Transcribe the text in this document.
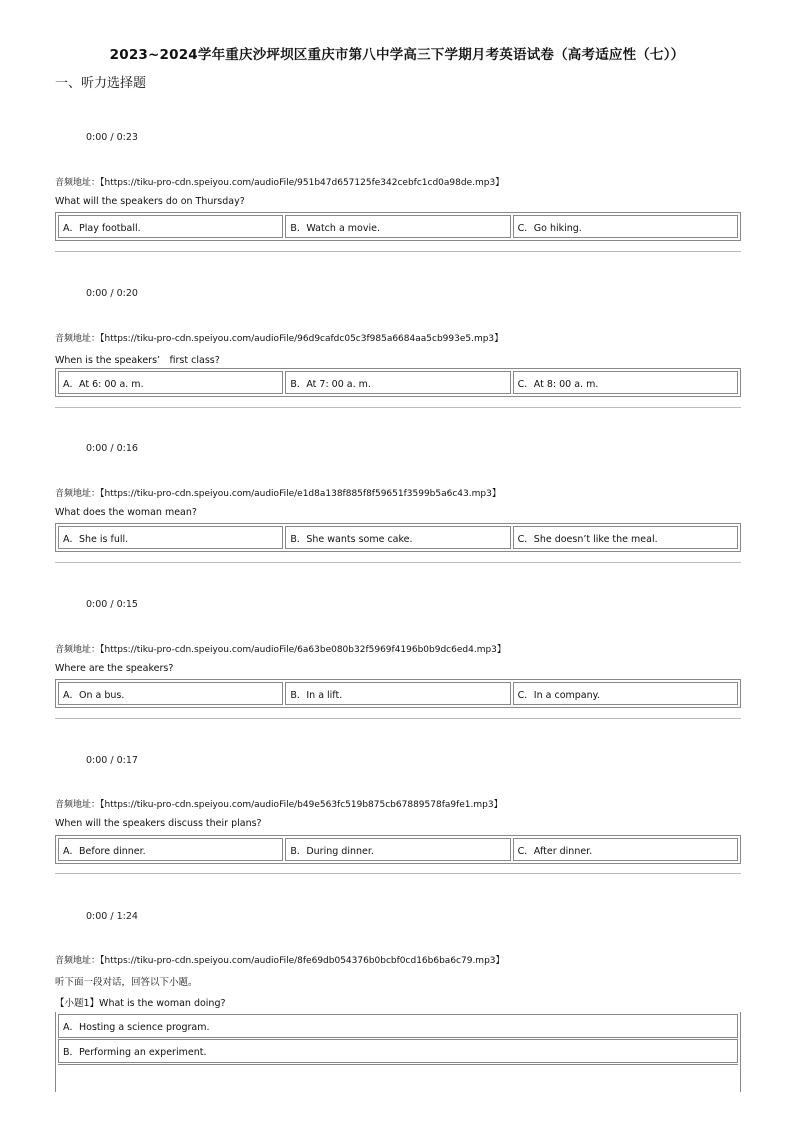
2023~2024学年重庆沙坪坝区重庆市第八中学高三下学期月考英语试卷（高考适应性（七））
一、听力选择题
0:00 / 0:23
音频地址：【https://tiku-pro-cdn.speiyou.com/audioFile/951b47d657125fe342cebfc1cd0a98de.mp3】
What will the speakers do on Thursday?
A．Play football.	B．Watch a movie.	C．Go hiking.
0:00 / 0:20
音频地址：【https://tiku-pro-cdn.speiyou.com/audioFile/96d9cafdc05c3f985a6684aa5cb993e5.mp3】
When is the speakers’　first class?
A．At 6: 00 a. m.	B．At 7: 00 a. m.	C．At 8: 00 a. m.
0:00 / 0:16
音频地址：【https://tiku-pro-cdn.speiyou.com/audioFile/e1d8a138f885f8f59651f3599b5a6c43.mp3】
What does the woman mean?
A．She is full.	B．She wants some cake.	C．She doesn’t like the meal.
0:00 / 0:15
音频地址：【https://tiku-pro-cdn.speiyou.com/audioFile/6a63be080b32f5969f4196b0b9dc6ed4.mp3】
Where are the speakers?
A．On a bus.	B．In a lift.	C．In a company.
0:00 / 0:17
音频地址：【https://tiku-pro-cdn.speiyou.com/audioFile/b49e563fc519b875cb67889578fa9fe1.mp3】
When will the speakers discuss their plans?
A．Before dinner.	B．During dinner.	C．After dinner.
0:00 / 1:24
音频地址：【https://tiku-pro-cdn.speiyou.com/audioFile/8fe69db054376b0bcbf0cd16b6ba6c79.mp3】
听下面一段对话，回答以下小题。
【小题1】What is the woman doing?
A．Hosting a science program.
B．Performing an experiment.
